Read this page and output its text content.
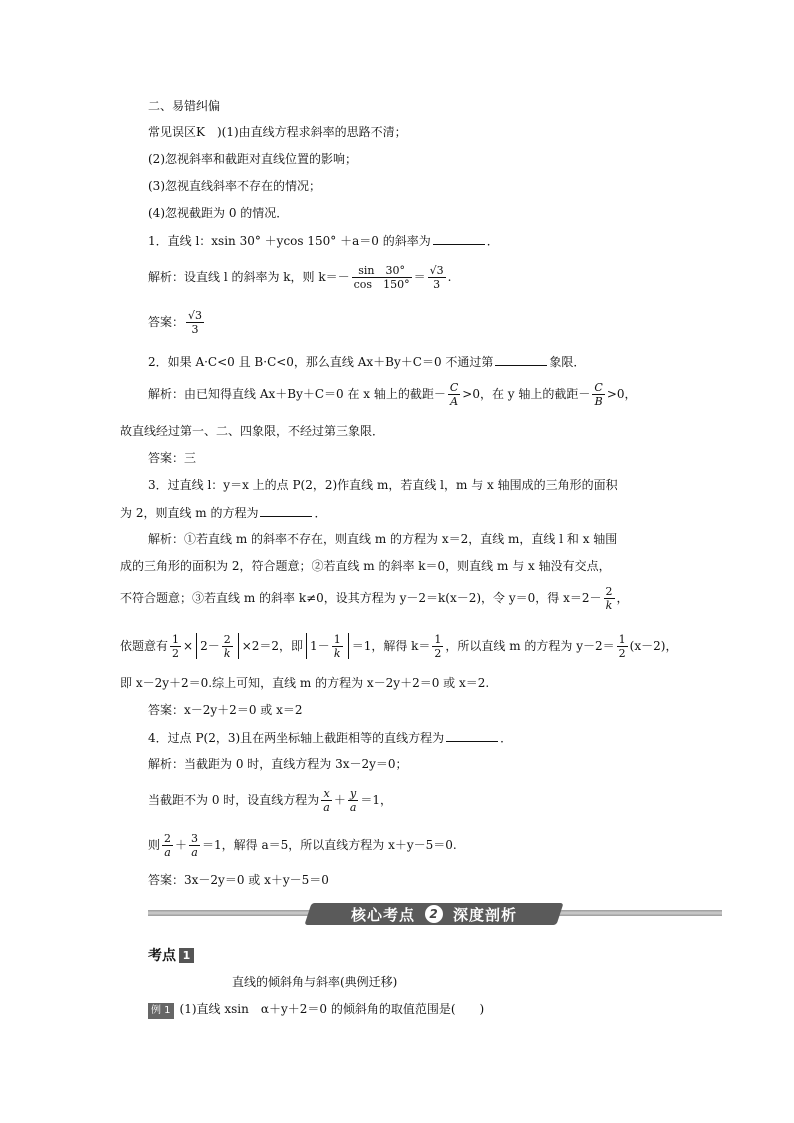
二、易错纠偏
常见误区K　 )(1)由直线方程求斜率的思路不清；
(2)忽视斜率和截距对直线位置的影响；
(3)忽视直线斜率不存在的情况；
(4)忽视截距为 0 的情况．
1．直线 l：xsin 30° ＋ycos 150° ＋a＝0 的斜率为	．
解析：设直线 l 的斜率为 k，则 $k=- \frac{\sin 30^\circ}{\cos 150^\circ} = \frac{√3}{3}$ .
答案： $\frac{√3}{3}$
2．如果 A·C<0 且 B·C<0，那么直线 Ax＋By＋C＝0 不通过第	象限．
解析：由已知得直线 Ax＋By＋C＝0 在 x 轴上的截距－ $\frac{C}{A} >0$，在 y 轴上的截距－ $\frac{C}{B} >0$，
故直线经过第一、二、四象限，不经过第三象限．
答案：三
3．过直线 l：y＝x 上的点 P(2，2)作直线 m，若直线 l，m 与 x 轴围成的三角形的面积
为 2，则直线 m 的方程为	．
解析：①若直线 m 的斜率不存在，则直线 m 的方程为 x＝2，直线 m，直线 l 和 x 轴围
成的三角形的面积为 2，符合题意；②若直线 m 的斜率 k＝0，则直线 m 与 x 轴没有交点，
不符合题意；③若直线 m 的斜率 k≠0，设其方程为 y－2＝k(x－2)，令 y＝0，得 $x=2- \frac{2}{k}$ ，
依题意有 $\frac{1}{2} \times 2- \frac{2}{k} \times 2=2$，即 $1- \frac{1}{k} =1$，解得 $k= \frac{1}{2}$ ，所以直线 m 的方程为 $y-2= \frac{1}{2} (x-2)$，
即 x－2y＋2＝0.综上可知，直线 m 的方程为 x－2y＋2＝0 或 x＝2.
答案：x－2y＋2＝0 或 x＝2
4．过点 P(2，3)且在两坐标轴上截距相等的直线方程为	．
解析：当截距为 0 时，直线方程为 3x－2y＝0；
当截距不为 0 时，设直线方程为 $\frac{x}{a} + \frac{y}{a} =1$，
则 $\frac{2}{a} + \frac{3}{a} =1$，解得 a＝5，所以直线方程为 x＋y－5＝0.
答案：3x－2y＝0 或 x＋y－5＝0
核心考点	2 深度剖析
考点 1
直线的倾斜角与斜率(典例迁移)
例 1 (1)直线 xsin　α＋y＋2＝0 的倾斜角的取值范围是(　　)
